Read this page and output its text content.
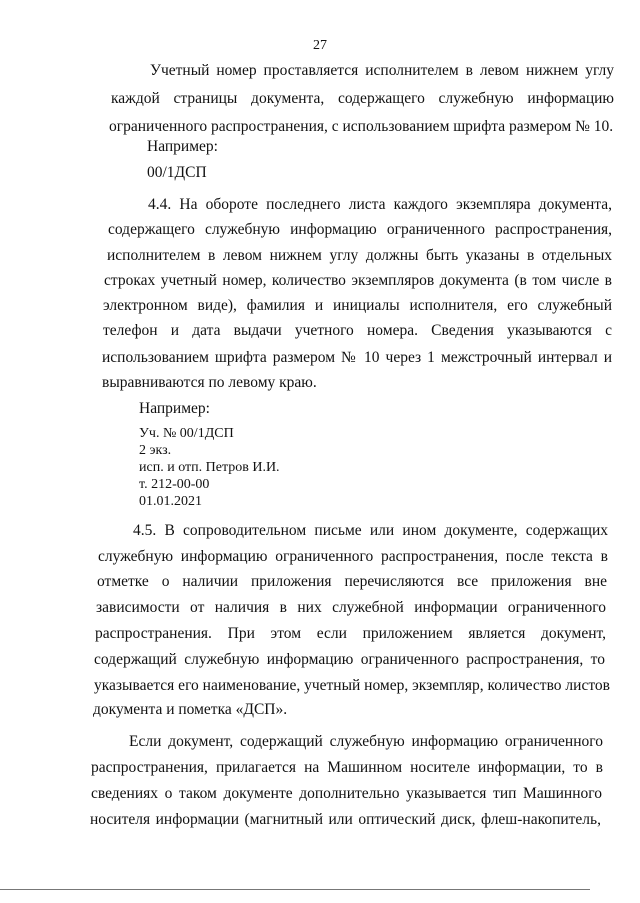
27
Учетный номер проставляется исполнителем в левом нижнем углу
каждой страницы документа, содержащего служебную информацию
ограниченного распространения, с использованием шрифта размером № 10.
Например:
00/1ДСП
4.4. На обороте последнего листа каждого экземпляра документа,
содержащего служебную информацию ограниченного распространения,
исполнителем в левом нижнем углу должны быть указаны в отдельных
строках учетный номер, количество экземпляров документа (в том числе в
электронном виде), фамилия и инициалы исполнителя, его служебный
телефон и дата выдачи учетного номера. Сведения указываются с
использованием шрифта размером № 10 через 1 межстрочный интервал и
выравниваются по левому краю.
Например:
Уч. № 00/1ДСП
2 экз.
исп. и отп. Петров И.И.
т. 212-00-00
01.01.2021
4.5. В сопроводительном письме или ином документе, содержащих
служебную информацию ограниченного распространения, после текста в
отметке о наличии приложения перечисляются все приложения вне
зависимости от наличия в них служебной информации ограниченного
распространения. При этом если приложением является документ,
содержащий служебную информацию ограниченного распространения, то
указывается его наименование, учетный номер, экземпляр, количество листов
документа и пометка «ДСП».
Если документ, содержащий служебную информацию ограниченного
распространения, прилагается на Машинном носителе информации, то в
сведениях о таком документе дополнительно указывается тип Машинного
носителя информации (магнитный или оптический диск, флеш-накопитель,
